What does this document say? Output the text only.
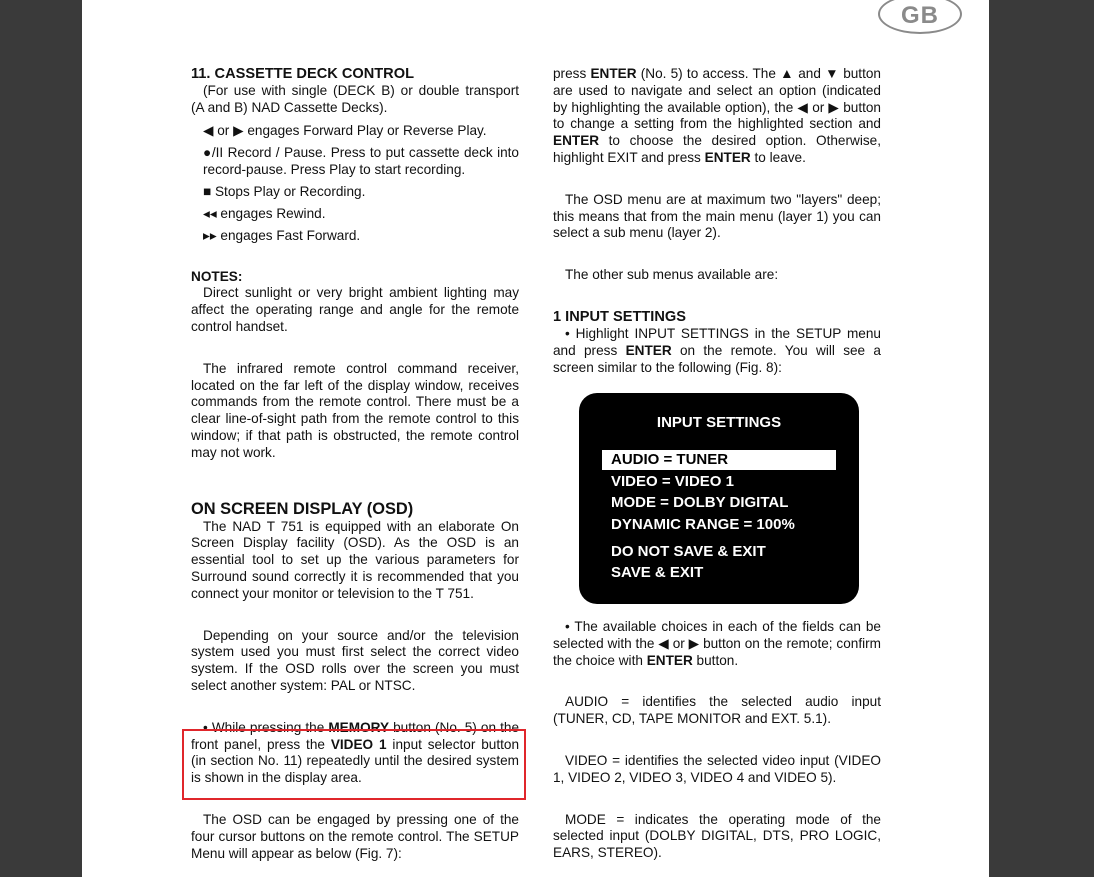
GB

11. CASSETTE DECK CONTROL

(For use with single (DECK B) or double transport (A and B) NAD Cassette Decks).

◀ or ▶ engages Forward Play or Reverse Play.

●/II Record / Pause. Press to put cassette deck into record-pause. Press Play to start recording.

■ Stops Play or Recording.

◂◂ engages Rewind.

▸▸ engages Fast Forward.

NOTES:

Direct sunlight or very bright ambient lighting may affect the operating range and angle for the remote control handset.

The infrared remote control command receiver, located on the far left of the display window, receives commands from the remote control. There must be a clear line-of-sight path from the remote control to this window; if that path is obstructed, the remote control may not work.

ON SCREEN DISPLAY (OSD)

The NAD T 751 is equipped with an elaborate On Screen Display facility (OSD). As the OSD is an essential tool to set up the various parameters for Surround sound correctly it is recommended that you connect your monitor or television to the T 751.

Depending on your source and/or the television system used you must first select the correct video system. If the OSD rolls over the screen you must select another system: PAL or NTSC.

• While pressing the MEMORY button (No. 5) on the front panel, press the VIDEO 1 input selector button (in section No. 11) repeatedly until the desired system is shown in the display area.

The OSD can be engaged by pressing one of the four cursor buttons on the remote control. The SETUP Menu will appear as below (Fig. 7):

press ENTER (No. 5) to access. The ▲ and ▼ button are used to navigate and select an option (indicated by highlighting the available option), the ◀ or ▶ button to change a setting from the highlighted section and ENTER to choose the desired option. Otherwise, highlight EXIT and press ENTER to leave.

The OSD menu are at maximum two "layers" deep; this means that from the main menu (layer 1) you can select a sub menu (layer 2).

The other sub menus available are:

1 INPUT SETTINGS

• Highlight INPUT SETTINGS in the SETUP menu and press ENTER on the remote. You will see a screen similar to the following (Fig. 8):

INPUT SETTINGS
AUDIO = TUNER
VIDEO = VIDEO 1
MODE = DOLBY DIGITAL
DYNAMIC RANGE = 100%
DO NOT SAVE & EXIT
SAVE & EXIT

• The available choices in each of the fields can be selected with the ◀ or ▶ button on the remote; confirm the choice with ENTER button.

AUDIO = identifies the selected audio input (TUNER, CD, TAPE MONITOR and EXT. 5.1).

VIDEO = identifies the selected video input (VIDEO 1, VIDEO 2, VIDEO 3, VIDEO 4 and VIDEO 5).

MODE = indicates the operating mode of the selected input (DOLBY DIGITAL, DTS, PRO LOGIC, EARS, STEREO).
